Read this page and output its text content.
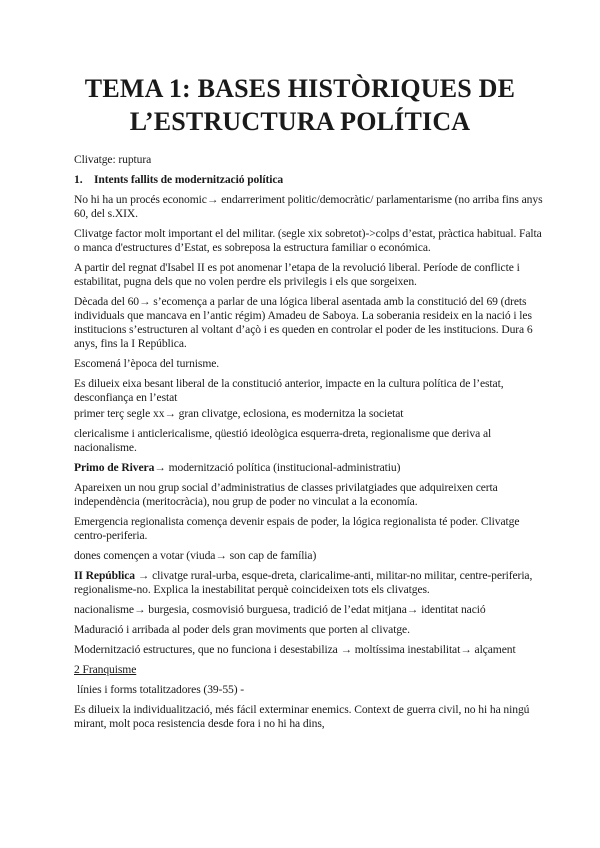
TEMA 1: BASES HISTÒRIQUES DE
L’ESTRUCTURA POLÍTICA

Clivatge: ruptura

1. Intents fallits de modernització política

No hi ha un procés economic→ endarreriment politic/democràtic/ parlamentarisme (no arriba fins anys 60, del s.XIX.

Clivatge factor molt important el del militar. (segle xix sobretot)->colps d’estat, pràctica habitual. Falta o manca d'estructures d’Estat, es sobreposa la estructura familiar o económica.

A partir del regnat d'Isabel II es pot anomenar l’etapa de la revolució liberal. Període de conflicte i estabilitat, pugna dels que no volen perdre els privilegis i els que sorgeixen.

Dècada del 60→ s’ecomença a parlar de una lógica liberal asentada amb la constitució del 69 (drets individuals que mancava en l’antic régim) Amadeu de Saboya. La soberania resideix en la nació i les institucions s’estructuren al voltant d’açò i es queden en controlar el poder de les institucions. Dura 6 anys, fins la I República.

Escomená l’època del turnisme.

Es dilueix eixa besant liberal de la constitució anterior, impacte en la cultura política de l’estat, desconfiança en l’estat

primer terç segle xx→ gran clivatge, eclosiona, es modernitza la societat

clericalisme i anticlericalisme, qüestió ideològica esquerra-dreta, regionalisme que deriva al nacionalisme.

Primo de Rivera→ modernització política (institucional-administratiu)

Apareixen un nou grup social d’administratius de classes privilatgiades que adquireixen certa independència (meritocràcia), nou grup de poder no vinculat a la economía.

Emergencia regionalista comença devenir espais de poder, la lógica regionalista té poder. Clivatge centro-periferia.

dones començen a votar (viuda→ son cap de família)

II República → clivatge rural-urba, esque-dreta, claricalime-anti, militar-no militar, centre-periferia, regionalisme-no. Explica la inestabilitat perquè coincideixen tots els clivatges.

nacionalisme→ burgesia, cosmovisió burguesa, tradició de l’edat mitjana→ identitat nació

Maduració i arribada al poder dels gran moviments que porten al clivatge.

Modernització estructures, que no funciona i desestabiliza → moltíssima inestabilitat→ alçament

2 Franquisme

línies i forms totalitzadores (39-55) -

Es dilueix la individualització, més fácil exterminar enemics. Context de guerra civil, no hi ha ningú mirant, molt poca resistencia desde fora i no hi ha dins,
